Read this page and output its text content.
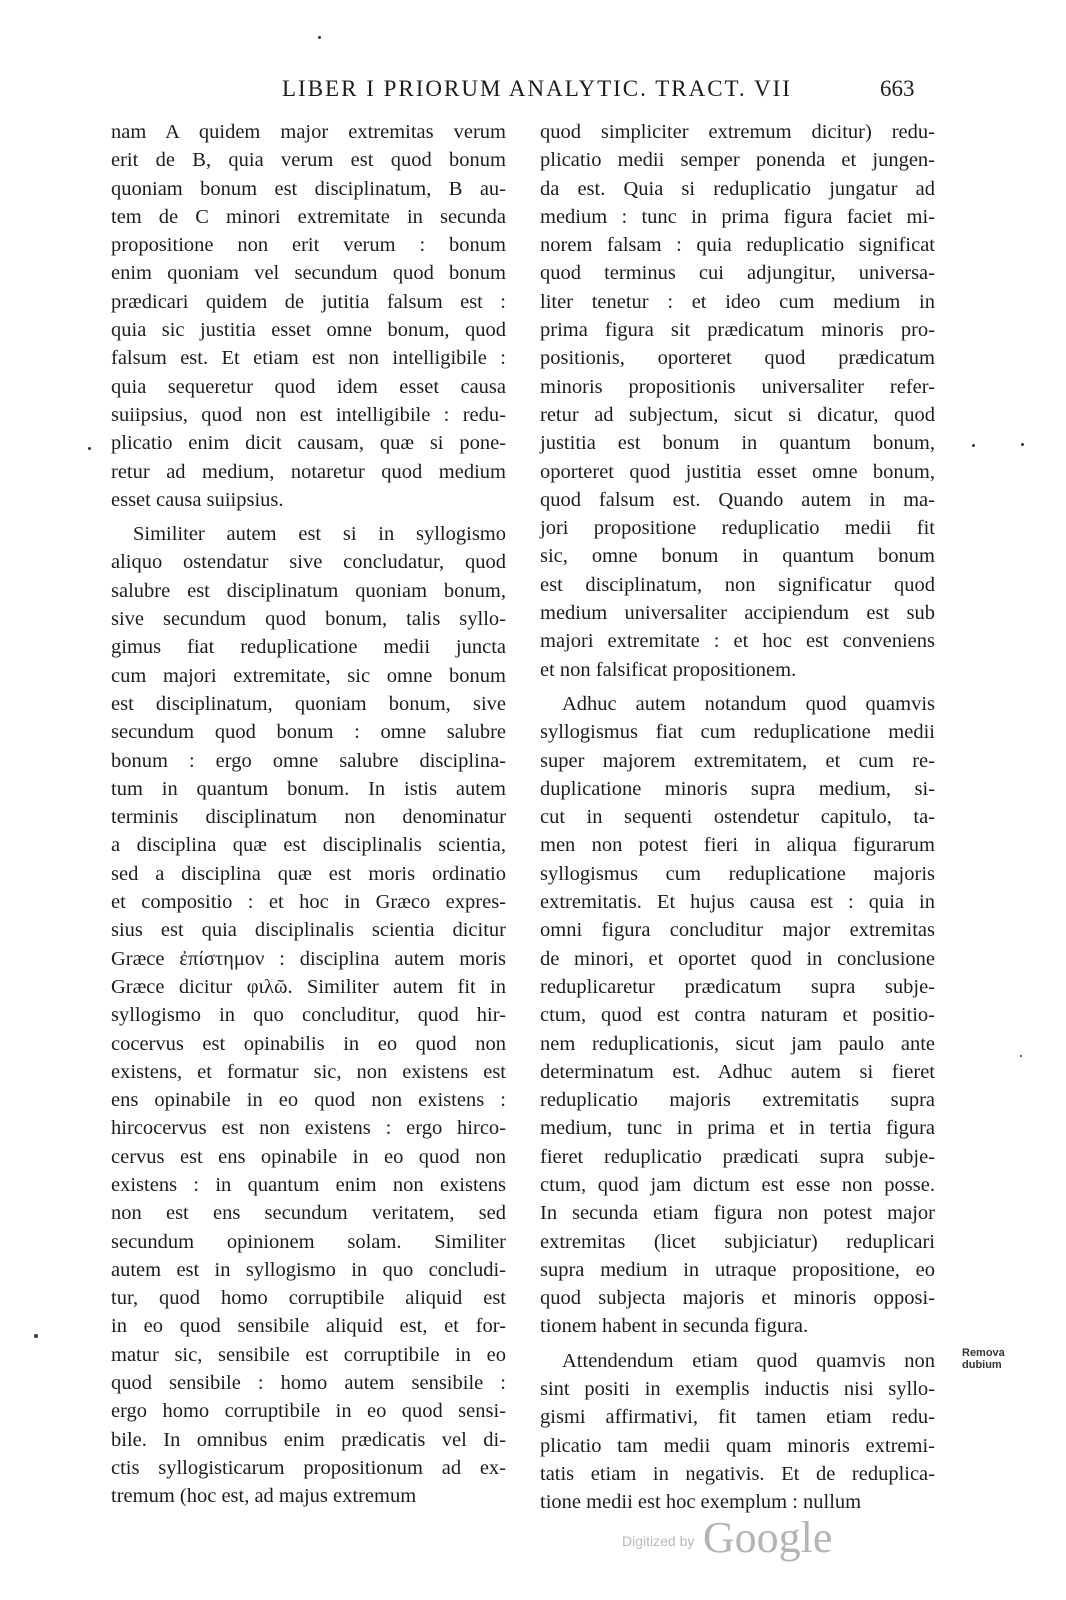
LIBER I PRIORUM ANALYTIC. TRACT. VII	663
nam A quidem major extremitas verum
erit de B, quia verum est quod bonum
quoniam bonum est disciplinatum, B au-
tem de C minori extremitate in secunda
propositione non erit verum : bonum
enim quoniam vel secundum quod bonum
prædicari quidem de jutitia falsum est :
quia sic justitia esset omne bonum, quod
falsum est. Et etiam est non intelligibile :
quia sequeretur quod idem esset causa
suiipsius, quod non est intelligibile : redu-
plicatio enim dicit causam, quæ si pone-
retur ad medium, notaretur quod medium
esset causa suiipsius.
Similiter autem est si in syllogismo
aliquo ostendatur sive concludatur, quod
salubre est disciplinatum quoniam bonum,
sive secundum quod bonum, talis syllo-
gimus fiat reduplicatione medii juncta
cum majori extremitate, sic omne bonum
est disciplinatum, quoniam bonum, sive
secundum quod bonum : omne salubre
bonum : ergo omne salubre disciplina-
tum in quantum bonum. In istis autem
terminis disciplinatum non denominatur
a disciplina quæ est disciplinalis scientia,
sed a disciplina quæ est moris ordinatio
et compositio : et hoc in Græco expres-
sius est quia disciplinalis scientia dicitur
Græce ἐπίστημον : disciplina autem moris
Græce dicitur φιλῶ. Similiter autem fit in
syllogismo in quo concluditur, quod hir-
cocervus est opinabilis in eo quod non
existens, et formatur sic, non existens est
ens opinabile in eo quod non existens :
hircocervus est non existens : ergo hirco-
cervus est ens opinabile in eo quod non
existens : in quantum enim non existens
non est ens secundum veritatem, sed
secundum opinionem solam. Similiter
autem est in syllogismo in quo concludi-
tur, quod homo corruptibile aliquid est
in eo quod sensibile aliquid est, et for-
matur sic, sensibile est corruptibile in eo
quod sensibile : homo autem sensibile :
ergo homo corruptibile in eo quod sensi-
bile. In omnibus enim prædicatis vel di-
ctis syllogisticarum propositionum ad ex-
tremum (hoc est, ad majus extremum
quod simpliciter extremum dicitur) redu-
plicatio medii semper ponenda et jungen-
da est. Quia si reduplicatio jungatur ad
medium : tunc in prima figura faciet mi-
norem falsam : quia reduplicatio significat
quod terminus cui adjungitur, universa-
liter tenetur : et ideo cum medium in
prima figura sit prædicatum minoris pro-
positionis, oporteret quod prædicatum
minoris propositionis universaliter refer-
retur ad subjectum, sicut si dicatur, quod
justitia est bonum in quantum bonum,
oporteret quod justitia esset omne bonum,
quod falsum est. Quando autem in ma-
jori propositione reduplicatio medii fit
sic, omne bonum in quantum bonum
est disciplinatum, non significatur quod
medium universaliter accipiendum est sub
majori extremitate : et hoc est conveniens
et non falsificat propositionem.
Adhuc autem notandum quod quamvis
syllogismus fiat cum reduplicatione medii
super majorem extremitatem, et cum re-
duplicatione minoris supra medium, si-
cut in sequenti ostendetur capitulo, ta-
men non potest fieri in aliqua figurarum
syllogismus cum reduplicatione majoris
extremitatis. Et hujus causa est : quia in
omni figura concluditur major extremitas
de minori, et oportet quod in conclusione
reduplicaretur prædicatum supra subje-
ctum, quod est contra naturam et positio-
nem reduplicationis, sicut jam paulo ante
determinatum est. Adhuc autem si fieret
reduplicatio majoris extremitatis supra
medium, tunc in prima et in tertia figura
fieret reduplicatio prædicati supra subje-
ctum, quod jam dictum est esse non posse.
In secunda etiam figura non potest major
extremitas (licet subjiciatur) reduplicari
supra medium in utraque propositione, eo
quod subjecta majoris et minoris opposi-
tionem habent in secunda figura.
Attendendum etiam quod quamvis non
sint positi in exemplis inductis nisi syllo-
gismi affirmativi, fit tamen etiam redu-
plicatio tam medii quam minoris extremi-
tatis etiam in negativis. Et de reduplica-
tione medii est hoc exemplum : nullum
Remova
dubium
Digitized by Google
